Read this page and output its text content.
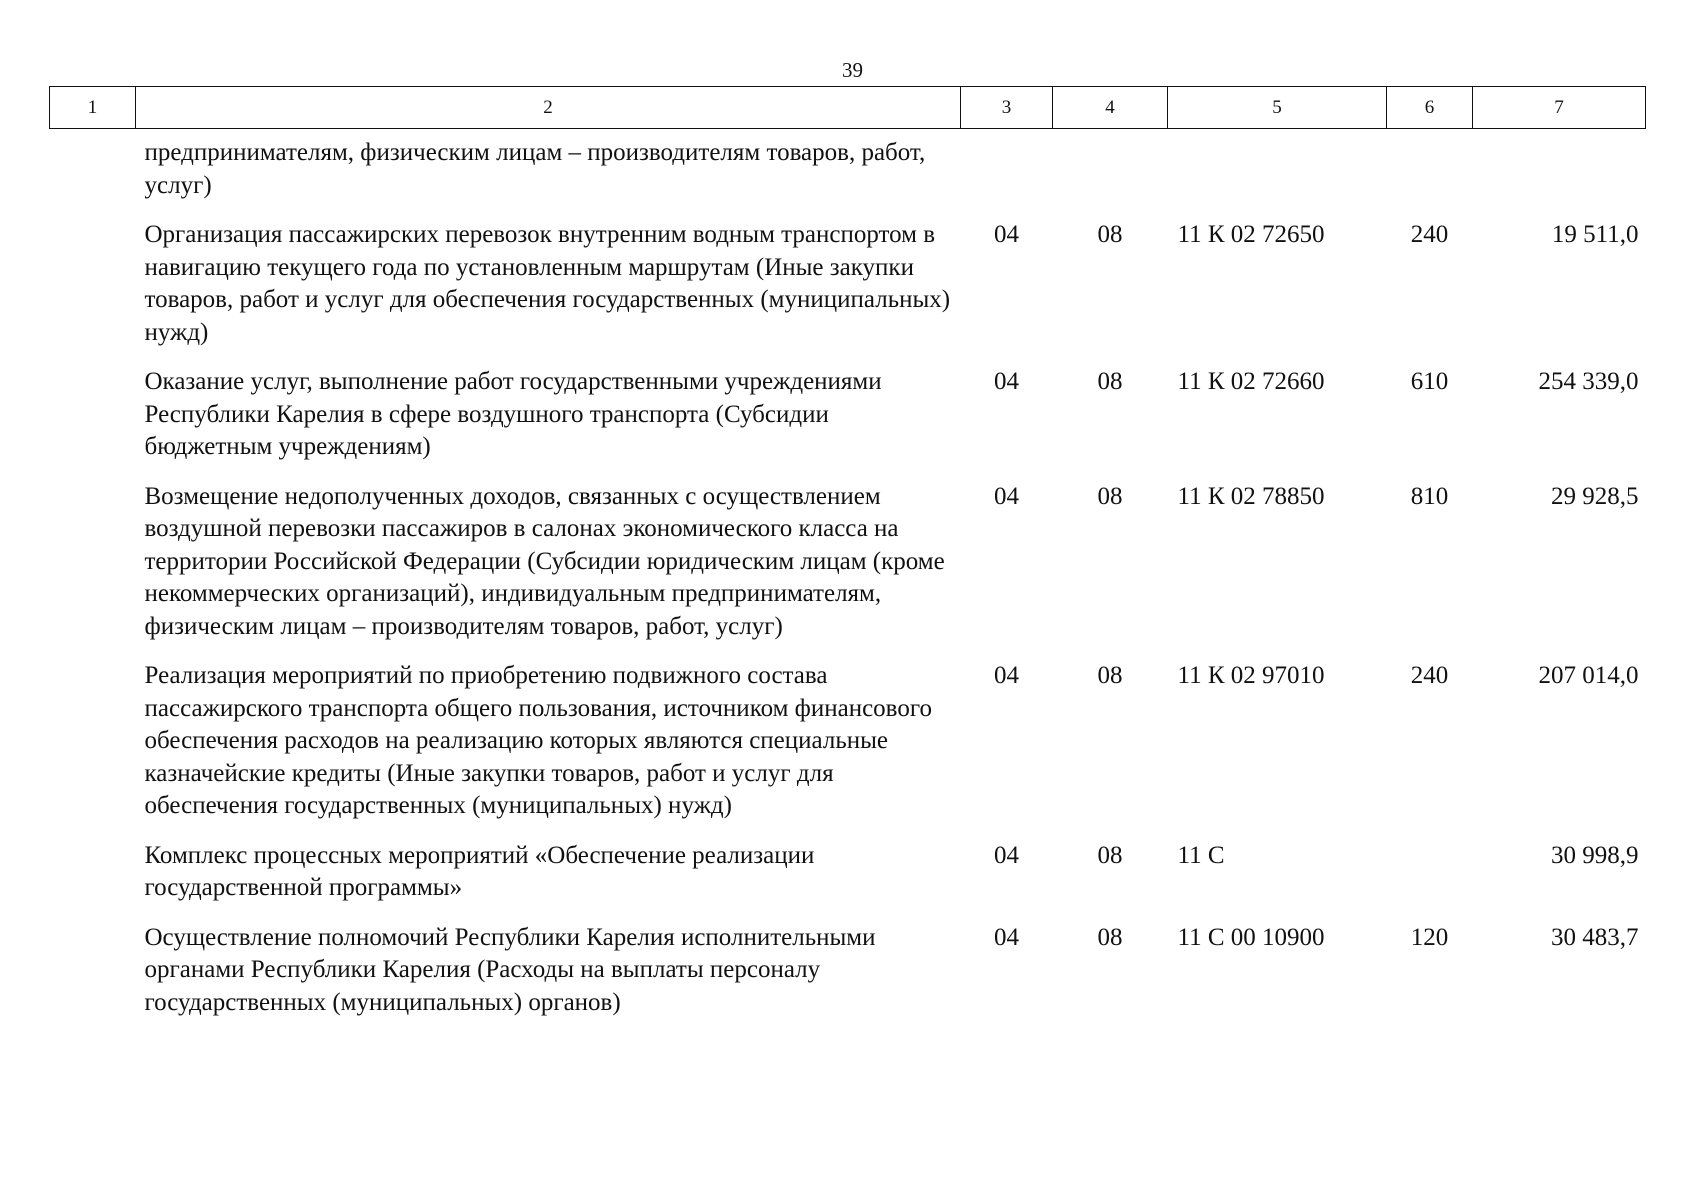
39
1	2	3	4	5	6	7
	предпринимателям, физическим лицам – производителям товаров, работ, услуг)					
	Организация пассажирских перевозок внутренним водным транспортом в навигацию текущего года по установленным маршрутам (Иные закупки товаров, работ и услуг для обеспечения государственных (муниципальных) нужд)	04	08	11 К 02 72650	240	19 511,0
	Оказание услуг, выполнение работ государственными учреждениями Республики Карелия в сфере воздушного транспорта (Субсидии бюджетным учреждениям)	04	08	11 К 02 72660	610	254 339,0
	Возмещение недополученных доходов, связанных с осуществлением воздушной перевозки пассажиров в салонах экономического класса на территории Российской Федерации (Субсидии юридическим лицам (кроме некоммерческих организаций), индивидуальным предпринимателям, физическим лицам – производителям товаров, работ, услуг)	04	08	11 К 02 78850	810	29 928,5
	Реализация мероприятий по приобретению подвижного состава пассажирского транспорта общего пользования, источником финансового обеспечения расходов на реализацию которых являются специальные казначейские кредиты (Иные закупки товаров, работ и услуг для обеспечения государственных (муниципальных) нужд)	04	08	11 К 02 97010	240	207 014,0
	Комплекс процессных мероприятий «Обеспечение реализации государственной программы»	04	08	11 С		30 998,9
	Осуществление полномочий Республики Карелия исполнительными органами Республики Карелия (Расходы на выплаты персоналу государственных (муниципальных) органов)	04	08	11 С 00 10900	120	30 483,7
